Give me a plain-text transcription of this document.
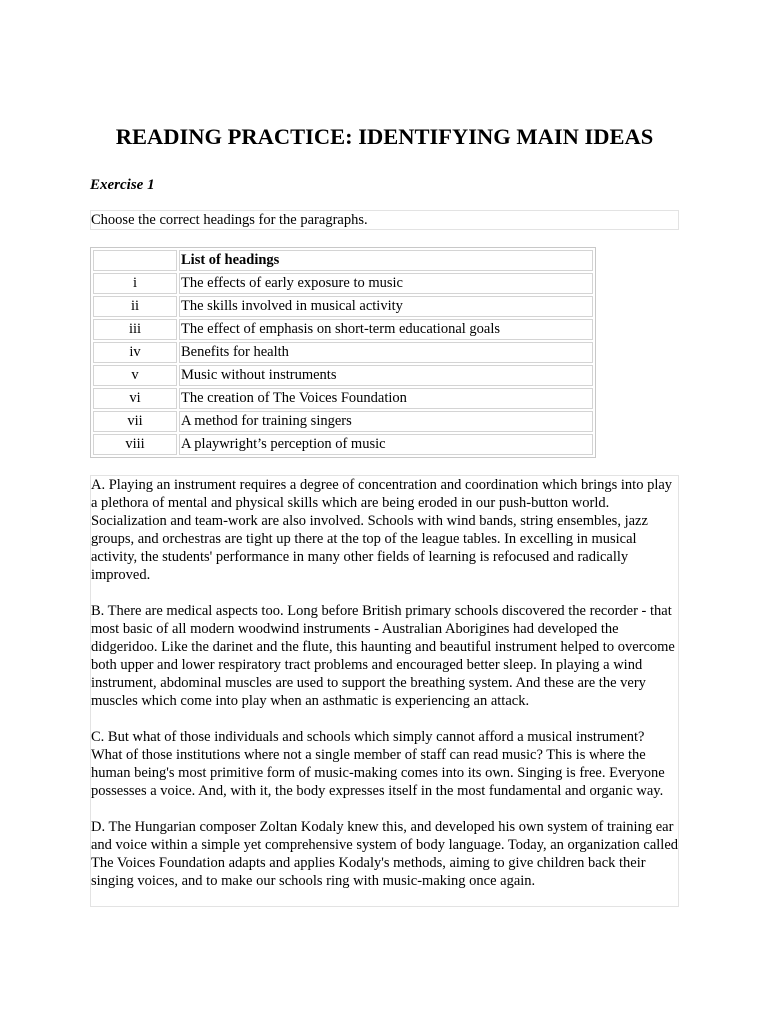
READING PRACTICE: IDENTIFYING MAIN IDEAS

Exercise 1

Choose the correct headings for the paragraphs.
	List of headings
i	The effects of early exposure to music
ii	The skills involved in musical activity
iii	The effect of emphasis on short-term educational goals
iv	Benefits for health
v	Music without instruments
vi	The creation of The Voices Foundation
vii	A method for training singers
viii	A playwright’s perception of music

A. Playing an instrument requires a degree of concentration and coordination which brings into play a plethora of mental and physical skills which are being eroded in our push-button world. Socialization and team-work are also involved. Schools with wind bands, string ensembles, jazz groups, and orchestras are tight up there at the top of the league tables. In excelling in musical activity, the students' performance in many other fields of learning is refocused and radically improved.

B. There are medical aspects too. Long before British primary schools discovered the recorder - that most basic of all modern woodwind instruments - Australian Aborigines had developed the didgeridoo. Like the darinet and the flute, this haunting and beautiful instrument helped to overcome both upper and lower respiratory tract problems and encouraged better sleep. In playing a wind instrument, abdominal muscles are used to support the breathing system. And these are the very muscles which come into play when an asthmatic is experiencing an attack.

C. But what of those individuals and schools which simply cannot afford a musical instrument? What of those institutions where not a single member of staff can read music? This is where the human being's most primitive form of music-making comes into its own. Singing is free. Everyone possesses a voice. And, with it, the body expresses itself in the most fundamental and organic way.

D. The Hungarian composer Zoltan Kodaly knew this, and developed his own system of training ear and voice within a simple yet comprehensive system of body language. Today, an organization called The Voices Foundation adapts and applies Kodaly's methods, aiming to give children back their singing voices, and to make our schools ring with music-making once again.
